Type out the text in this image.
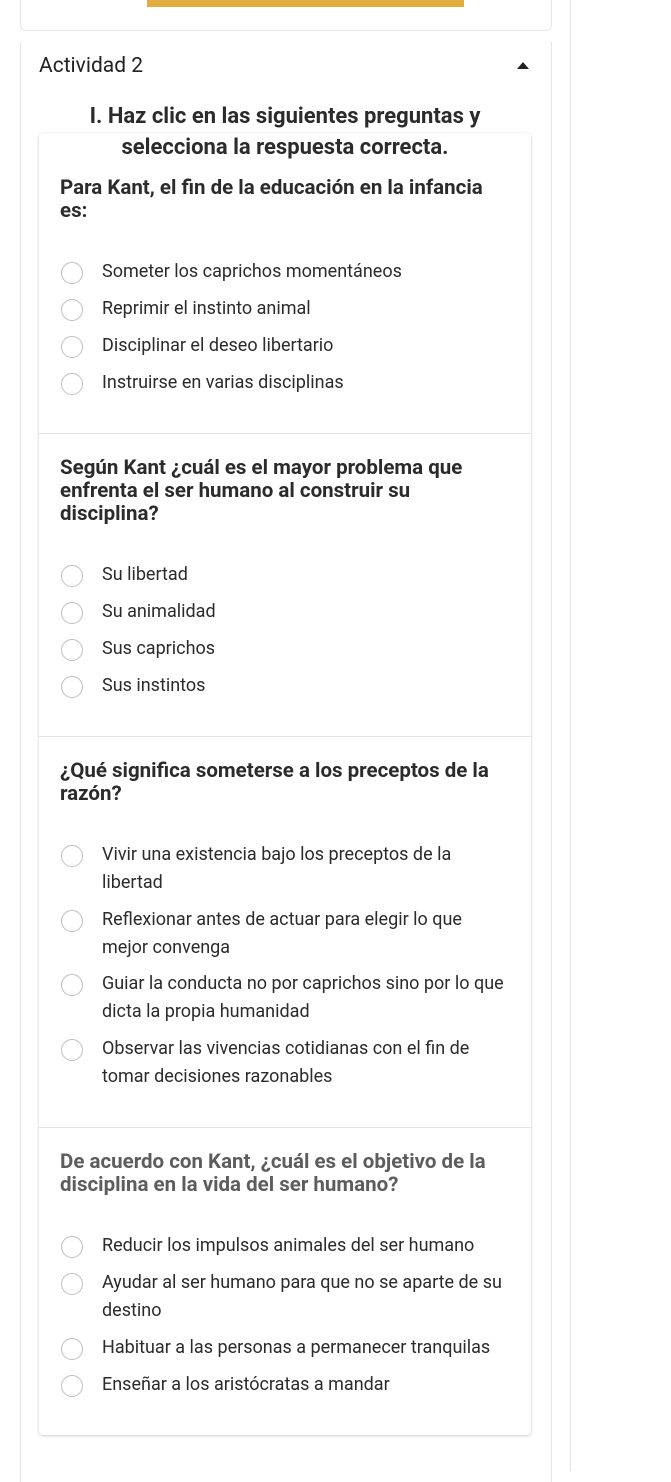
Actividad 2
I. Haz clic en las siguientes preguntas y selecciona la respuesta correcta.
Para Kant, el fin de la educación en la infancia es:
Someter los caprichos momentáneos
Reprimir el instinto animal
Disciplinar el deseo libertario
Instruirse en varias disciplinas
Según Kant ¿cuál es el mayor problema que enfrenta el ser humano al construir su disciplina?
Su libertad
Su animalidad
Sus caprichos
Sus instintos
¿Qué significa someterse a los preceptos de la razón?
Vivir una existencia bajo los preceptos de la libertad
Reflexionar antes de actuar para elegir lo que mejor convenga
Guiar la conducta no por caprichos sino por lo que dicta la propia humanidad
Observar las vivencias cotidianas con el fin de tomar decisiones razonables
De acuerdo con Kant, ¿cuál es el objetivo de la disciplina en la vida del ser humano?
Reducir los impulsos animales del ser humano
Ayudar al ser humano para que no se aparte de su destino
Habituar a las personas a permanecer tranquilas
Enseñar a los aristócratas a mandar
